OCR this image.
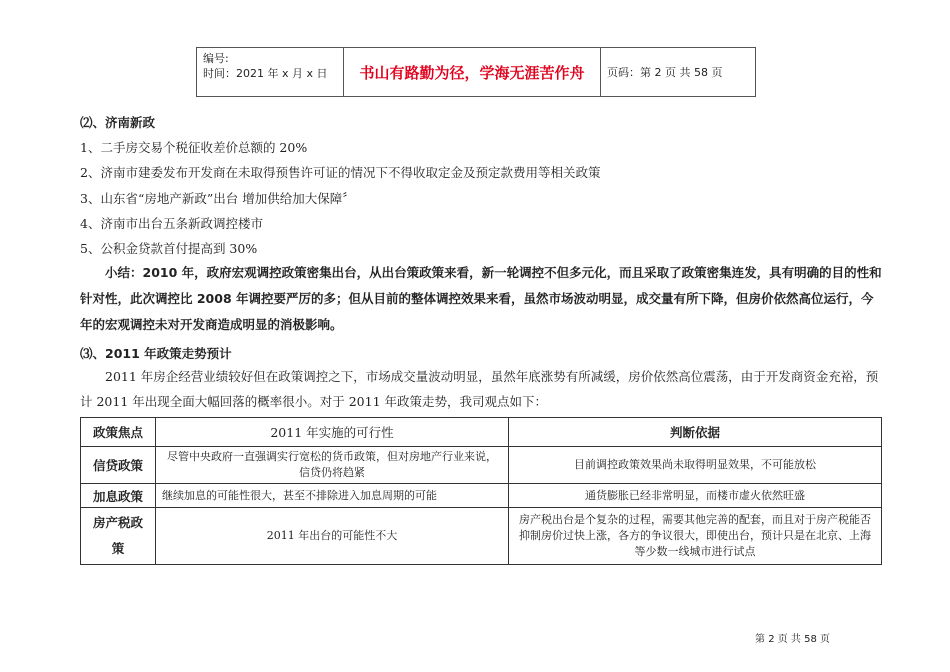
编号:
时间：2021 年 x 月 x 日	书山有路勤为径，学海无涯苦作舟	页码：第 2 页 共 58 页
⑵、济南新政
1、二手房交易个税征收差价总额的 20%
2、济南市建委发布开发商在未取得预售许可证的情况下不得收取定金及预定款费用等相关政策
3、山东省“房地产新政”出台 增加供给加大保障〞
4、济南市出台五条新政调控楼市
5、公积金贷款首付提高到 30%
小结：2010 年，政府宏观调控政策密集出台，从出台策政策来看，新一轮调控不但多元化，而且采取了政策密集连发，具有明确的目的性和针对性，此次调控比 2008 年调控要严厉的多；但从目前的整体调控效果来看，虽然市场波动明显，成交量有所下降，但房价依然高位运行，今年的宏观调控未对开发商造成明显的消极影响。
⑶、2011 年政策走势预计
2011 年房企经营业绩较好但在政策调控之下，市场成交量波动明显，虽然年底涨势有所减缓，房价依然高位震荡，由于开发商资金充裕，预计 2011 年出现全面大幅回落的概率很小。对于 2011 年政策走势，我司观点如下：
政策焦点	2011 年实施的可行性	判断依据
信贷政策	尽管中央政府一直强调实行宽松的货币政策，但对房地产行业来说，信贷仍将趋紧	目前调控政策效果尚未取得明显效果，不可能放松
加息政策	继续加息的可能性很大，甚至不排除进入加息周期的可能	通货膨胀已经非常明显，而楼市虚火依然旺盛
房产税政策	2011 年出台的可能性不大	房产税出台是个复杂的过程，需要其他完善的配套，而且对于房产税能否抑制房价过快上涨，各方的争议很大，即使出台，预计只是在北京、上海等少数一线城市进行试点
第 2 页 共 58 页
